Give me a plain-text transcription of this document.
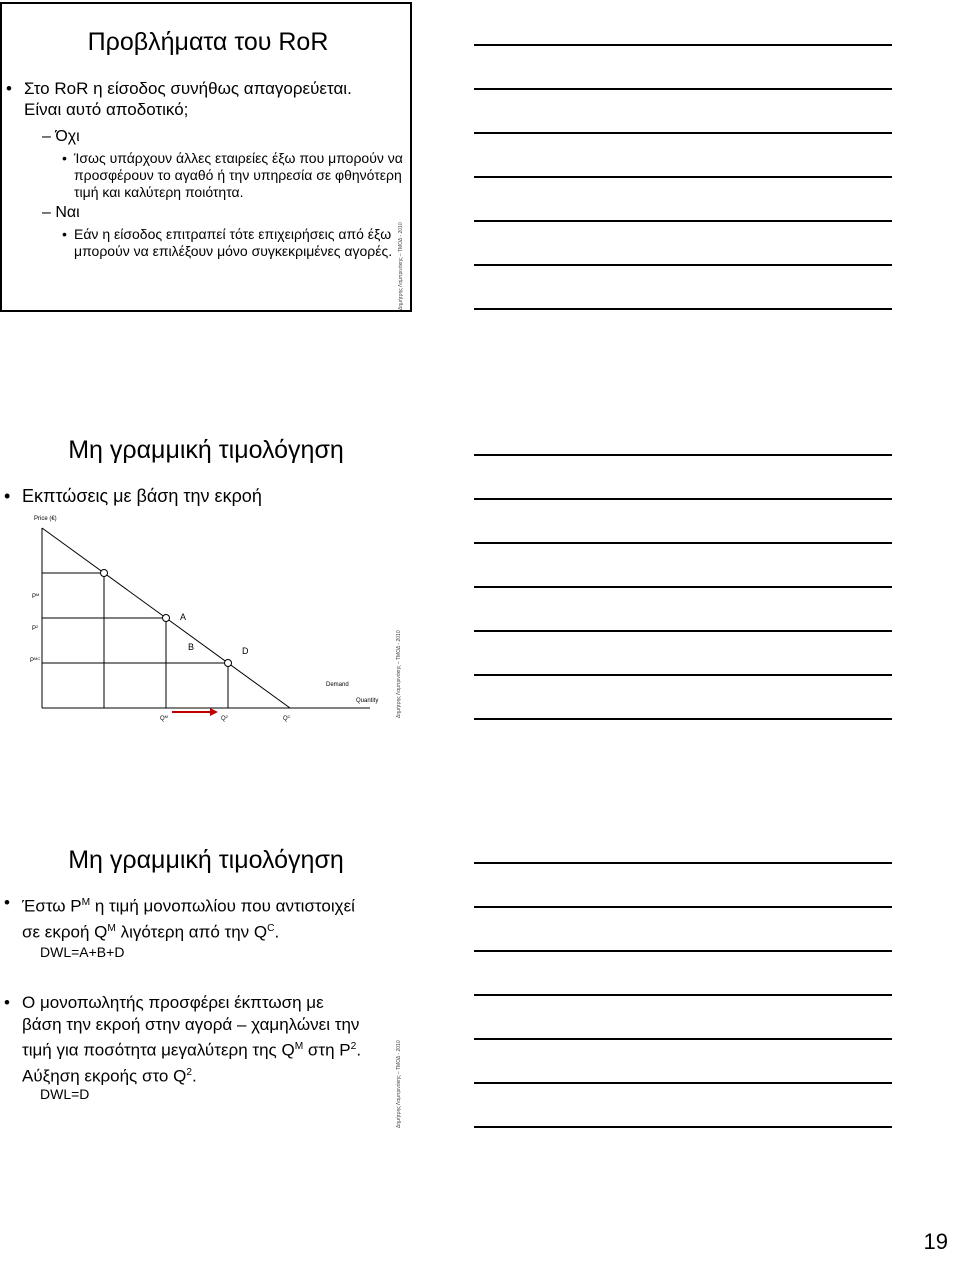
Προβλήματα του RoR
• Στο RoR η είσοδος συνήθως απαγορεύεται.
Είναι αυτό αποδοτικό;
– Όχι
• Ίσως υπάρχουν άλλες εταιρείες έξω που μπορούν να
προσφέρουν το αγαθό ή την υπηρεσία σε φθηνότερη
τιμή και καλύτερη ποιότητα.
– Ναι
• Εάν η είσοδος επιτραπεί τότε επιχειρήσεις από έξω
μπορούν να επιλέξουν μόνο συγκεκριμένες αγορές. Δημήτρης Λαμπρινάκης – ΤΜΟΔ - 2010
Μη γραμμική τιμολόγηση
• Εκπτώσεις με βάση την εκροή
Price (€)
Quantity
Demand
A
B	D
$P^M$
$P^2$
$P^{MC}$
$Q^M$	$Q^2$	$Q^C$	Δημήτρης Λαμπρινάκης – ΤΜΟΔ - 2010
Μη γραμμική τιμολόγηση
• Έστω $P^M$ η τιμή μονοπωλίου που αντιστοιχεί
σε εκροή $Q^M$ λιγότερη από την $Q^C$.
DWL=A+B+D
• Ο μονοπωλητής προσφέρει έκπτωση με
βάση την εκροή στην αγορά – χαμηλώνει την
τιμή για ποσότητα μεγαλύτερη της $Q^M$ στη $P^2$.
Αύξηση εκροής στο $Q^2$.
DWL=D	Δημήτρης Λαμπρινάκης – ΤΜΟΔ - 2010
19
